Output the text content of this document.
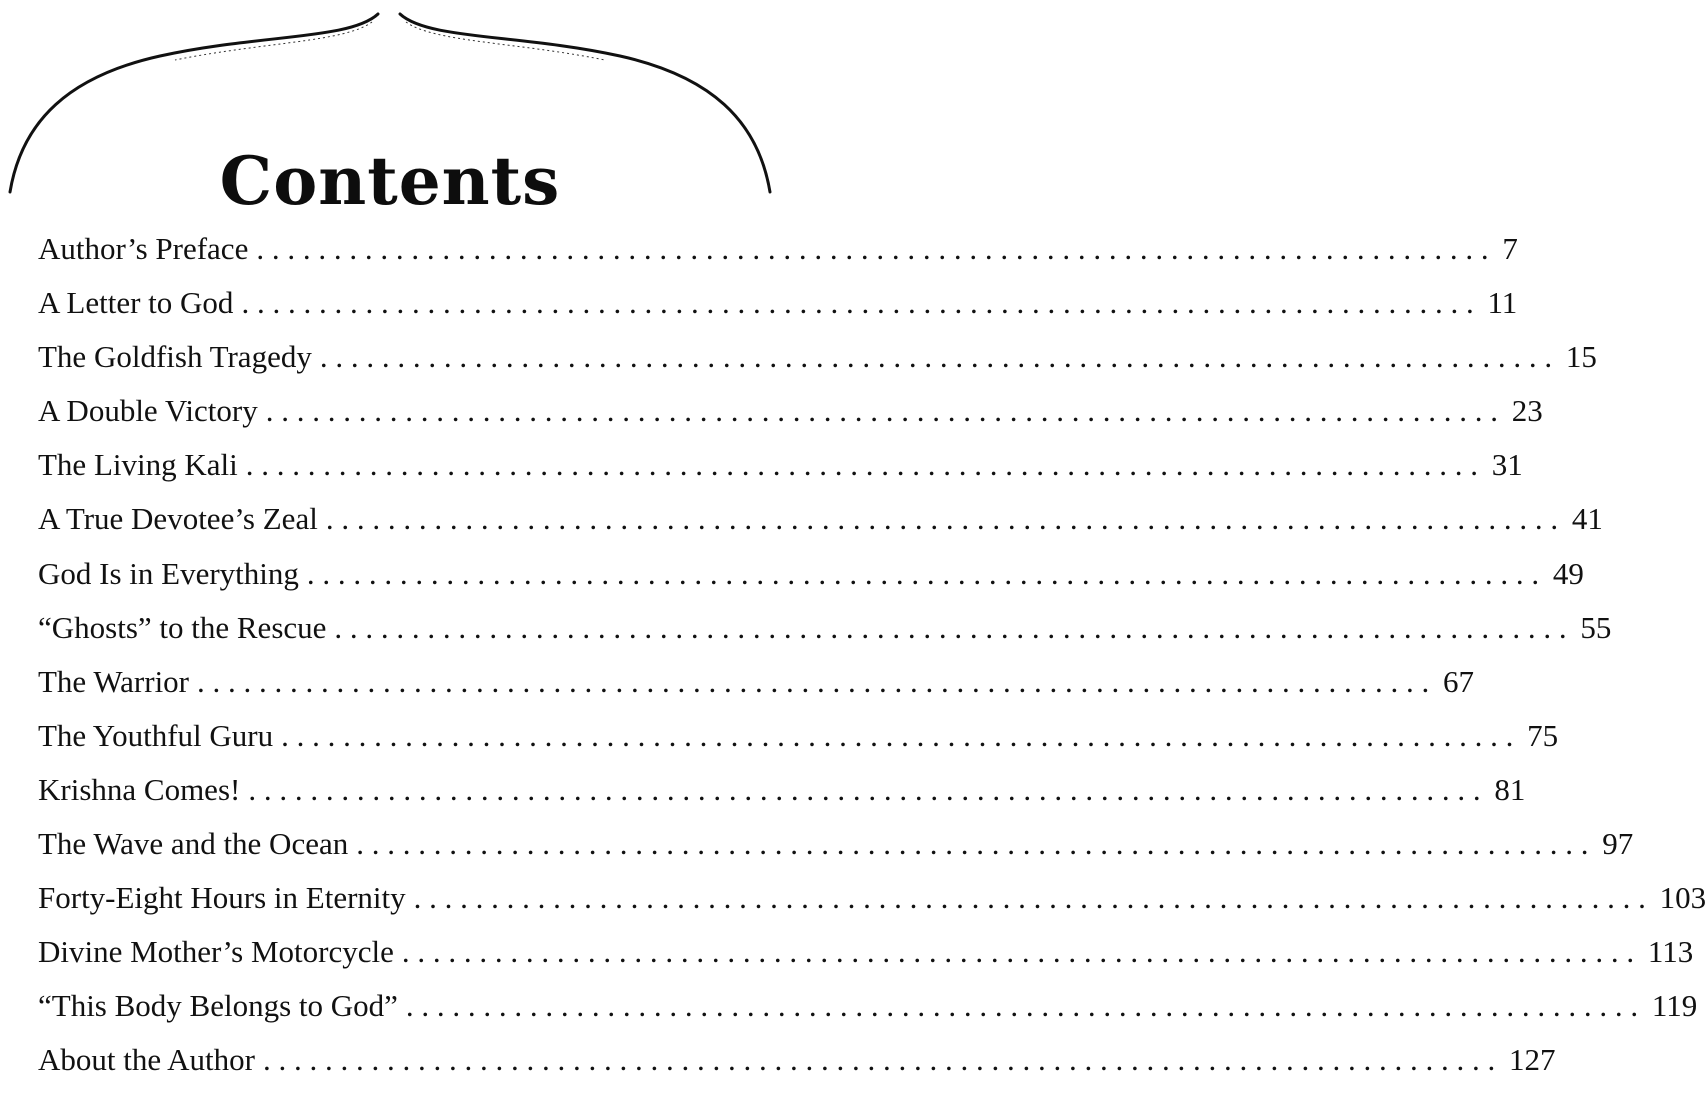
Contents
Author’s Preface ................................................................................ 7
A Letter to God ................................................................................ 11
The Goldfish Tragedy ................................................................................ 15
A Double Victory ................................................................................ 23
The Living Kali ................................................................................ 31
A True Devotee’s Zeal ................................................................................ 41
God Is in Everything ................................................................................ 49
“Ghosts” to the Rescue ................................................................................ 55
The Warrior ................................................................................ 67
The Youthful Guru ................................................................................ 75
Krishna Comes! ................................................................................ 81
The Wave and the Ocean ................................................................................ 97
Forty-Eight Hours in Eternity ................................................................................ 103
Divine Mother’s Motorcycle ................................................................................ 113
“This Body Belongs to God” ................................................................................ 119
About the Author ................................................................................ 127
